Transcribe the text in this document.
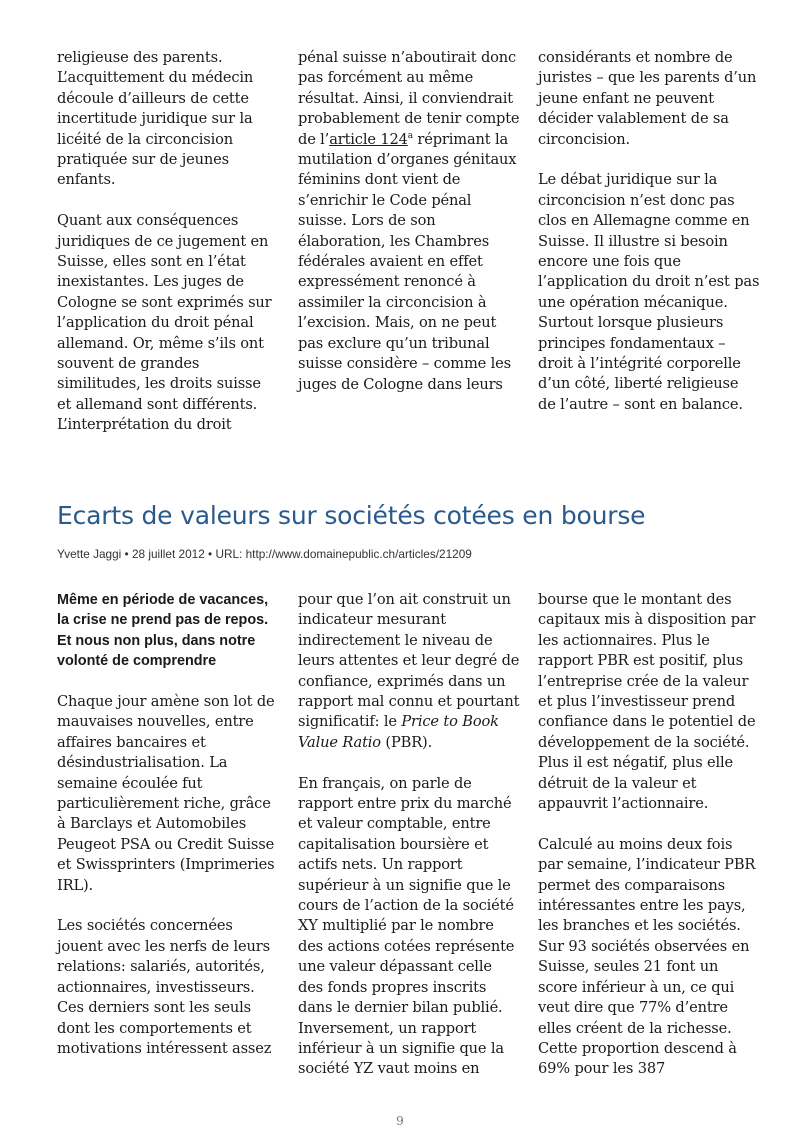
religieuse des parents. L’acquittement du médecin découle d’ailleurs de cette incertitude juridique sur la licéité de la circoncision pratiquée sur de jeunes enfants.

Quant aux conséquences juridiques de ce jugement en Suisse, elles sont en l’état inexistantes. Les juges de Cologne se sont exprimés sur l’application du droit pénal allemand. Or, même s’ils ont souvent de grandes similitudes, les droits suisse et allemand sont différents. L’interprétation du droit

pénal suisse n’aboutirait donc pas forcément au même résultat. Ainsi, il conviendrait probablement de tenir compte de l’article 124$^a$ réprimant la mutilation d’organes génitaux féminins dont vient de s’enrichir le Code pénal suisse. Lors de son élaboration, les Chambres fédérales avaient en effet expressément renoncé à assimiler la circoncision à l’excision. Mais, on ne peut pas exclure qu’un tribunal suisse considère – comme les juges de Cologne dans leurs

considérants et nombre de juristes – que les parents d’un jeune enfant ne peuvent décider valablement de sa circoncision.

Le débat juridique sur la circoncision n’est donc pas clos en Allemagne comme en Suisse. Il illustre si besoin encore une fois que l’application du droit n’est pas une opération mécanique. Surtout lorsque plusieurs principes fondamentaux – droit à l’intégrité corporelle d’un côté, liberté religieuse de l’autre – sont en balance.

Ecarts de valeurs sur sociétés cotées en bourse
Yvette Jaggi • 28 juillet 2012 • URL: http://www.domainepublic.ch/articles/21209

Même en période de vacances, la crise ne prend pas de repos. Et nous non plus, dans notre volonté de comprendre

Chaque jour amène son lot de mauvaises nouvelles, entre affaires bancaires et désindustrialisation. La semaine écoulée fut particulièrement riche, grâce à Barclays et Automobiles Peugeot PSA ou Credit Suisse et Swissprinters (Imprimeries IRL).

Les sociétés concernées jouent avec les nerfs de leurs relations: salariés, autorités, actionnaires, investisseurs. Ces derniers sont les seuls dont les comportements et motivations intéressent assez

pour que l’on ait construit un indicateur mesurant indirectement le niveau de leurs attentes et leur degré de confiance, exprimés dans un rapport mal connu et pourtant significatif: le Price to Book Value Ratio (PBR).

En français, on parle de rapport entre prix du marché et valeur comptable, entre capitalisation boursière et actifs nets. Un rapport supérieur à un signifie que le cours de l’action de la société XY multiplié par le nombre des actions cotées représente une valeur dépassant celle des fonds propres inscrits dans le dernier bilan publié. Inversement, un rapport inférieur à un signifie que la société YZ vaut moins en

bourse que le montant des capitaux mis à disposition par les actionnaires. Plus le rapport PBR est positif, plus l’entreprise crée de la valeur et plus l’investisseur prend confiance dans le potentiel de développement de la société. Plus il est négatif, plus elle détruit de la valeur et appauvrit l’actionnaire.

Calculé au moins deux fois par semaine, l’indicateur PBR permet des comparaisons intéressantes entre les pays, les branches et les sociétés. Sur 93 sociétés observées en Suisse, seules 21 font un score inférieur à un, ce qui veut dire que 77% d’entre elles créent de la richesse. Cette proportion descend à 69% pour les 387

9
